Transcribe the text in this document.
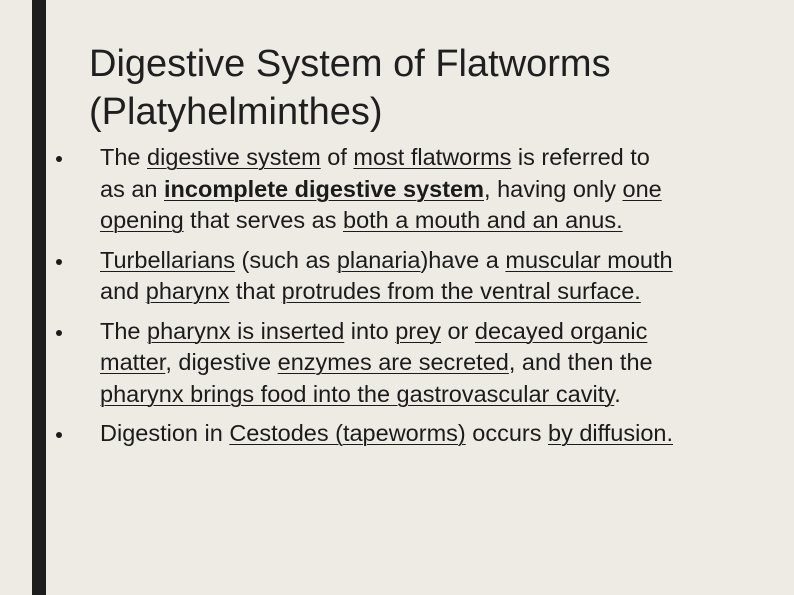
Digestive System of Flatworms
(Platyhelminthes)
The digestive system of most flatworms is referred to
as an incomplete digestive system, having only one
opening that serves as both a mouth and an anus.
Turbellarians (such as planaria)have a muscular mouth
and pharynx that protrudes from the ventral surface.
The pharynx is inserted into prey or decayed organic
matter, digestive enzymes are secreted, and then the
pharynx brings food into the gastrovascular cavity.
Digestion in Cestodes (tapeworms) occurs by diffusion.
